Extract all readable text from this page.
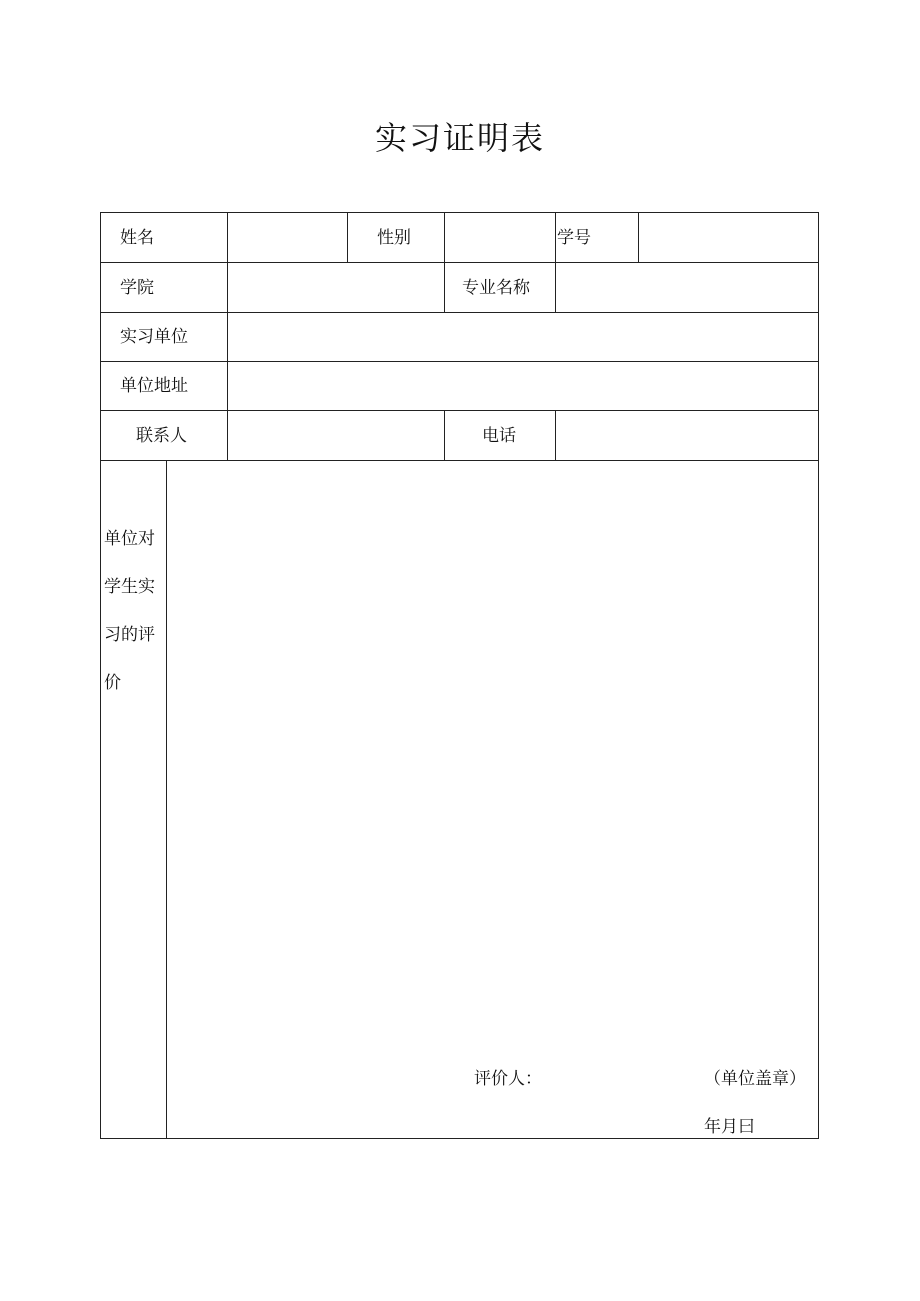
实习证明表
姓名	性别	学号
学院	专业名称
实习单位
单位地址
联系人	电话
单位对学生实习的评价
评价人：	（单位盖章）
年月曰
